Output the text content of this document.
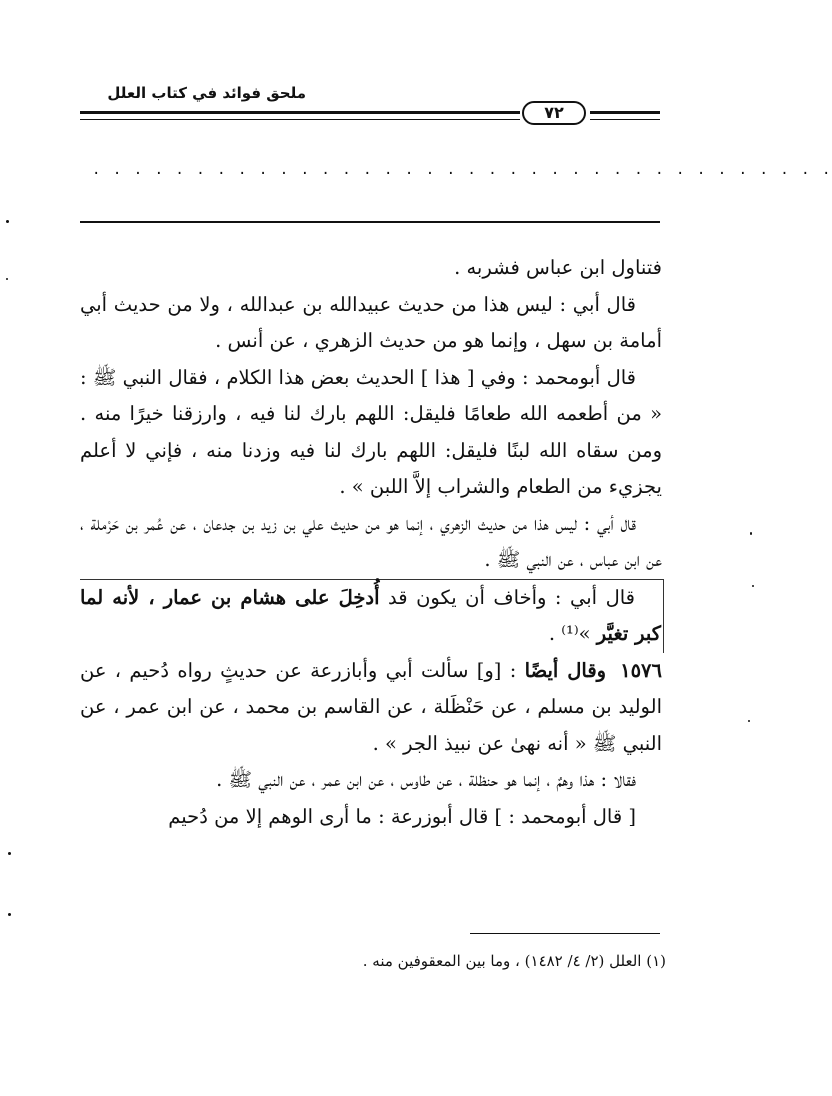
ملحق فوائد في كتاب العلل
٧٢
. . . . . . . . . . . . . . . . . . . . . . . . . . . . . . . . . . . .

فتناول ابن عباس فشربه .

قال أبي : ليس هذا من حديث عبيدالله بن عبدالله ، ولا من حديث أبي أمامة بن سهل ، وإنما هو من حديث الزهري ، عن أنس .

قال أبومحمد : وفي [ هذا ] الحديث بعض هذا الكلام ، فقال النبي ﷺ : « من أطعمه الله طعامًا فليقل: اللهم بارك لنا فيه ، وارزقنا خيرًا منه . ومن سقاه الله لبنًا فليقل: اللهم بارك لنا فيه وزدنا منه ، فإني لا أعلم يجزيء من الطعام والشراب إلاَّ اللبن » .

قال أبي : ليس هذا من حديث الزهري ، إنما هو من حديث علي بن زيد بن جدعان ، عن عُمر بن حَرْملة ، عن ابن عباس ، عن النبي ﷺ .

قال أبي : وأخاف أن يكون قد أُدخِلَ على هشام بن عمار ، لأنه لما كبر تغيَّر »⁽¹⁾ .

١٥٧٦وقال أيضًا : [و] سألت أبي وأبازرعة عن حديثٍ رواه دُحيم ، عن الوليد بن مسلم ، عن حَنْظَلة ، عن القاسم بن محمد ، عن ابن عمر ، عن النبي ﷺ « أنه نهىٰ عن نبيذ الجر » .

فقالا : هذا وهمٌ ، إنما هو حنظلة ، عن طاوس ، عن ابن عمر ، عن النبي ﷺ .

[ قال أبومحمد : ] قال أبوزرعة : ما أرى الوهم إلا من دُحيم

(١) العلل (٢/ ٤/ ١٤٨٢) ، وما بين المعقوفين منه .
